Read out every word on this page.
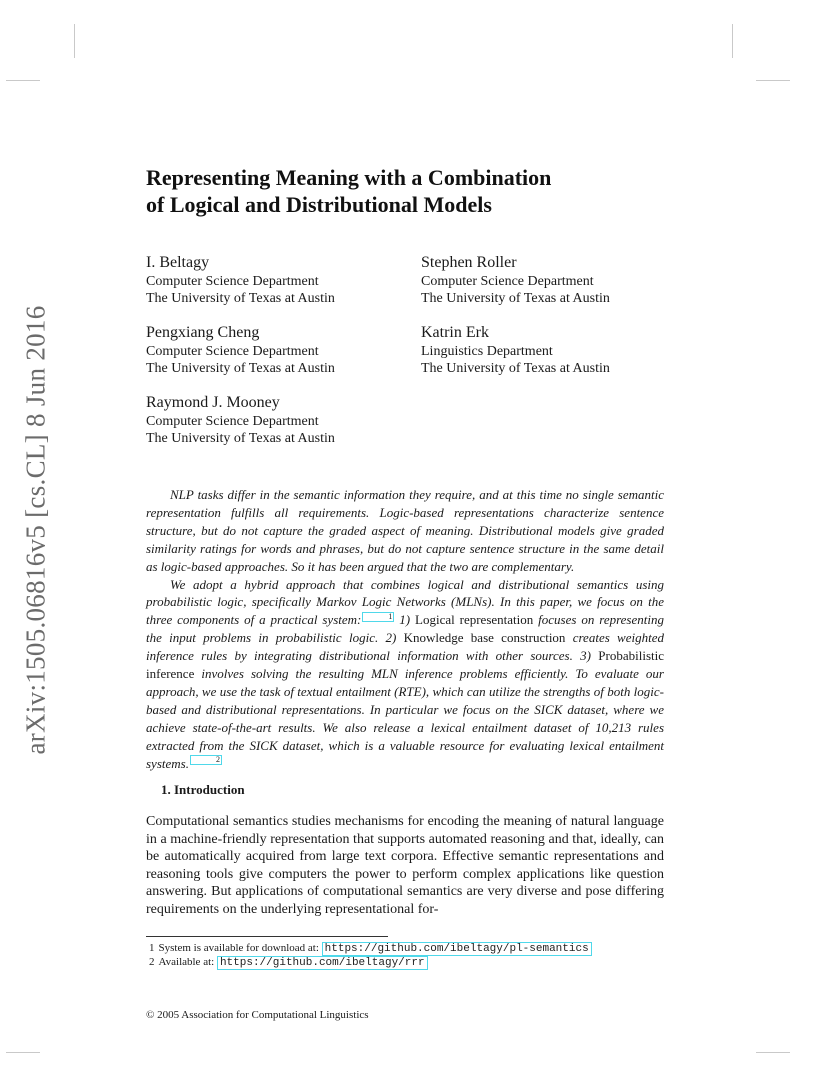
arXiv:1505.06816v5 [cs.CL] 8 Jun 2016
Representing Meaning with a Combination
of Logical and Distributional Models
I. Beltagy
Computer Science Department
The University of Texas at Austin
Stephen Roller
Computer Science Department
The University of Texas at Austin
Pengxiang Cheng
Computer Science Department
The University of Texas at Austin
Katrin Erk
Linguistics Department
The University of Texas at Austin
Raymond J. Mooney
Computer Science Department
The University of Texas at Austin

NLP tasks differ in the semantic information they require, and at this time no single semantic representation fulfills all requirements. Logic-based representations characterize sentence structure, but do not capture the graded aspect of meaning. Distributional models give graded similarity ratings for words and phrases, but do not capture sentence structure in the same detail as logic-based approaches. So it has been argued that the two are complementary.

We adopt a hybrid approach that combines logical and distributional semantics using probabilistic logic, specifically Markov Logic Networks (MLNs). In this paper, we focus on the three components of a practical system:	1 1) Logical representation focuses on representing the input problems in probabilistic logic. 2) Knowledge base construction creates weighted inference rules by integrating distributional information with other sources. 3) Probabilistic inference involves solving the resulting MLN inference problems efficiently. To evaluate our approach, we use the task of textual entailment (RTE), which can utilize the strengths of both logic-based and distributional representations. In particular we focus on the SICK dataset, where we achieve state-of-the-art results. We also release a lexical entailment dataset of 10,213 rules extracted from the SICK dataset, which is a valuable resource for evaluating lexical entailment systems.	2

1. Introduction

Computational semantics studies mechanisms for encoding the meaning of natural language in a machine-friendly representation that supports automated reasoning and that, ideally, can be automatically acquired from large text corpora. Effective semantic representations and reasoning tools give computers the power to perform complex applications like question answering. But applications of computational semantics are very diverse and pose differing requirements on the underlying representational for-

1 System is available for download at: https://github.com/ibeltagy/pl-semantics
2 Available at: https://github.com/ibeltagy/rrr
© 2005 Association for Computational Linguistics
